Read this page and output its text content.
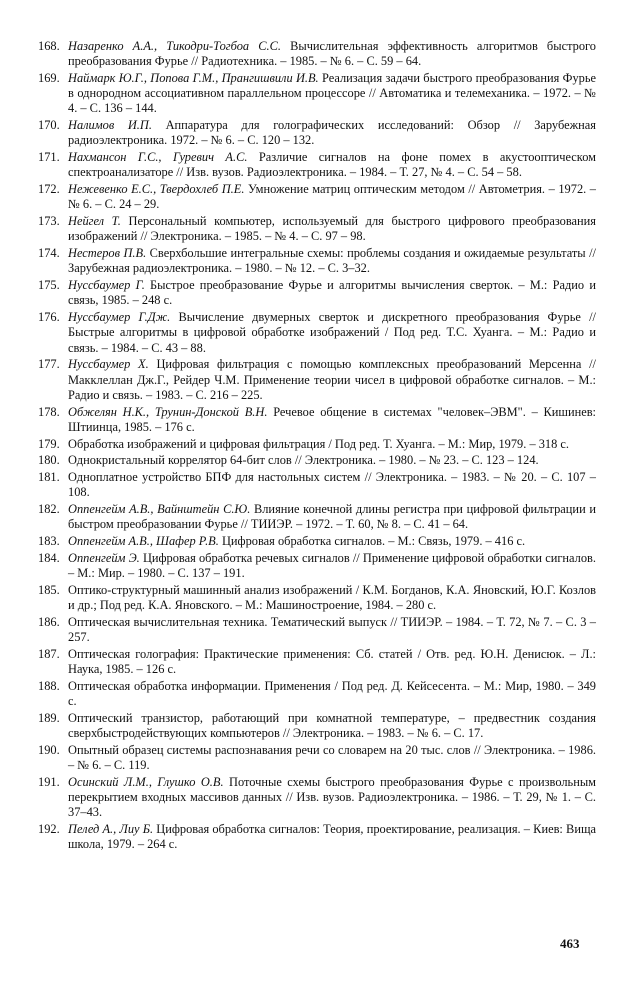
168. Назаренко А.А., Тикодри-Тогбоа С.С. Вычислительная эффективность алгоритмов быстрого преобразования Фурье // Радиотехника. – 1985. – № 6. – С. 59 – 64.
169. Наймарк Ю.Г., Попова Г.М., Прангишвили И.В. Реализация задачи быстрого преобразования Фурье в однородном ассоциативном параллельном процессоре // Автоматика и телемеханика. – 1972. – № 4. – С. 136 – 144.
170. Налимов И.П. Аппаратура для голографических исследований: Обзор // Зарубежная радиоэлектроника. 1972. – № 6. – С. 120 – 132.
171. Нахмансон Г.С., Гуревич А.С. Различие сигналов на фоне помех в акустооптическом спектроанализаторе // Изв. вузов. Радиоэлектроника. – 1984. – Т. 27, № 4. – С. 54 – 58.
172. Нежевенко Е.С., Твердохлеб П.Е. Умножение матриц оптическим методом // Автометрия. – 1972. – № 6. – С. 24 – 29.
173. Нейгел Т. Персональный компьютер, используемый для быстрого цифрового преобразования изображений // Электроника. – 1985. – № 4. – С. 97 – 98.
174. Нестеров П.В. Сверхбольшие интегральные схемы: проблемы создания и ожидаемые результаты // Зарубежная радиоэлектроника. – 1980. – № 12. – С. 3–32.
175. Нуссбаумер Г. Быстрое преобразование Фурье и алгоритмы вычисления сверток. – М.: Радио и связь, 1985. – 248 с.
176. Нуссбаумер Г.Дж. Вычисление двумерных сверток и дискретного преобразования Фурье // Быстрые алгоритмы в цифровой обработке изображений / Под ред. Т.С. Хуанга. – М.: Радио и связь. – 1984. – С. 43 – 88.
177. Нуссбаумер Х. Цифровая фильтрация с помощью комплексных преобразований Мерсенна // Макклеллан Дж.Г., Рейдер Ч.М. Применение теории чисел в цифровой обработке сигналов. – М.: Радио и связь. – 1983. – С. 216 – 225.
178. Обжелян Н.К., Трунин-Донской В.Н. Речевое общение в системах "человек–ЭВМ". – Кишинев: Штиинца, 1985. – 176 с.
179. Обработка изображений и цифровая фильтрация / Под ред. Т. Хуанга. – М.: Мир, 1979. – 318 с.
180. Однокристальный коррелятор 64-бит слов // Электроника. – 1980. – № 23. – С. 123 – 124.
181. Одноплатное устройство БПФ для настольных систем // Электроника. – 1983. – № 20. – С. 107 – 108.
182. Оппенгейм А.В., Вайнштейн С.Ю. Влияние конечной длины регистра при цифровой фильтрации и быстром преобразовании Фурье // ТИИЭР. – 1972. – Т. 60, № 8. – С. 41 – 64.
183. Оппенгейм А.В., Шафер Р.В. Цифровая обработка сигналов. – М.: Связь, 1979. – 416 с.
184. Оппенгейм Э. Цифровая обработка речевых сигналов // Применение цифровой обработки сигналов. – М.: Мир. – 1980. – С. 137 – 191.
185. Оптико-структурный машинный анализ изображений / К.М. Богданов, К.А. Яновский, Ю.Г. Козлов и др.; Под ред. К.А. Яновского. – М.: Машиностроение, 1984. – 280 с.
186. Оптическая вычислительная техника. Тематический выпуск // ТИИЭР. – 1984. – Т. 72, № 7. – С. 3 – 257.
187. Оптическая голография: Практические применения: Сб. статей / Отв. ред. Ю.Н. Денисюк. – Л.: Наука, 1985. – 126 с.
188. Оптическая обработка информации. Применения / Под ред. Д. Кейсесента. – М.: Мир, 1980. – 349 с.
189. Оптический транзистор, работающий при комнатной температуре, – предвестник создания сверхбыстродействующих компьютеров // Электроника. – 1983. – № 6. – С. 17.
190. Опытный образец системы распознавания речи со словарем на 20 тыс. слов // Электроника. – 1986. – № 6. – С. 119.
191. Осинский Л.М., Глушко О.В. Поточные схемы быстрого преобразования Фурье с произвольным перекрытием входных массивов данных // Изв. вузов. Радиоэлектроника. – 1986. – Т. 29, № 1. – С. 37–43.
192. Пелед А., Лиу Б. Цифровая обработка сигналов: Теория, проектирование, реализация. – Киев: Вища школа, 1979. – 264 с.
463
